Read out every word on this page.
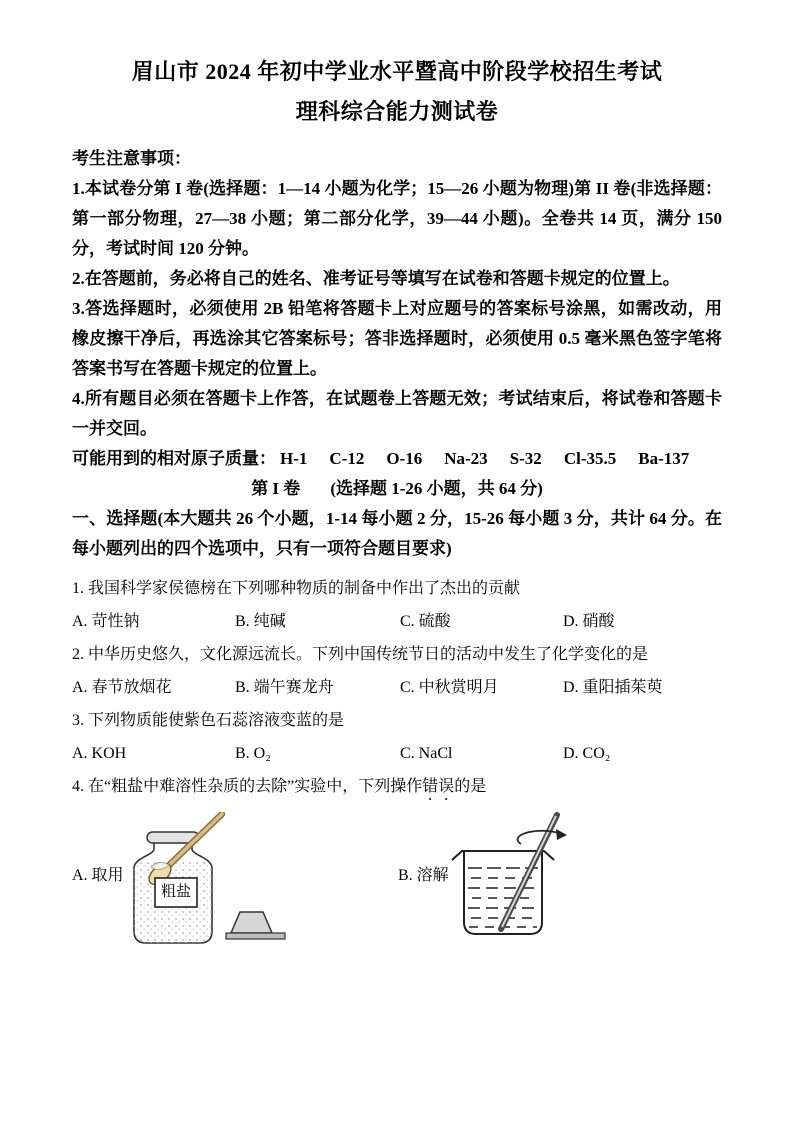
眉山市 2024 年初中学业水平暨高中阶段学校招生考试
理科综合能力测试卷
考生注意事项：
1.本试卷分第 I 卷(选择题：1—14 小题为化学；15—26 小题为物理)第 II 卷(非选择题：第一部分物理，27—38 小题；第二部分化学，39—44 小题)。全卷共 14 页，满分 150 分，考试时间 120 分钟。
2.在答题前，务必将自己的姓名、准考证号等填写在试卷和答题卡规定的位置上。
3.答选择题时，必须使用 2B 铅笔将答题卡上对应题号的答案标号涂黑，如需改动，用橡皮擦干净后，再选涂其它答案标号；答非选择题时，必须使用 0.5 毫米黑色签字笔将答案书写在答题卡规定的位置上。
4.所有题目必须在答题卡上作答，在试题卷上答题无效；考试结束后，将试卷和答题卡一并交回。
可能用到的相对原子质量： H-1 C-12 O-16 Na-23 S-32 Cl-35.5 Ba-137
第 I 卷 (选择题 1-26 小题，共 64 分)
一、选择题(本大题共 26 个小题，1-14 每小题 2 分，15-26 每小题 3 分，共计 64 分。在每小题列出的四个选项中，只有一项符合题目要求)
1. 我国科学家侯德榜在下列哪种物质的制备中作出了杰出的贡献
A. 苛性钠	B. 纯碱	C. 硫酸	D. 硝酸
2. 中华历史悠久，文化源远流长。下列中国传统节日的活动中发生了化学变化的是
A. 春节放烟花	B. 端午赛龙舟	C. 中秋赏明月	D. 重阳插茱萸
3. 下列物质能使紫色石蕊溶液变蓝的是
A. KOH	B. O₂	C. NaCl	D. CO₂
4. 在“粗盐中难溶性杂质的去除”实验中，下列操作错误的是
A. 取用
粗盐
B. 溶解
